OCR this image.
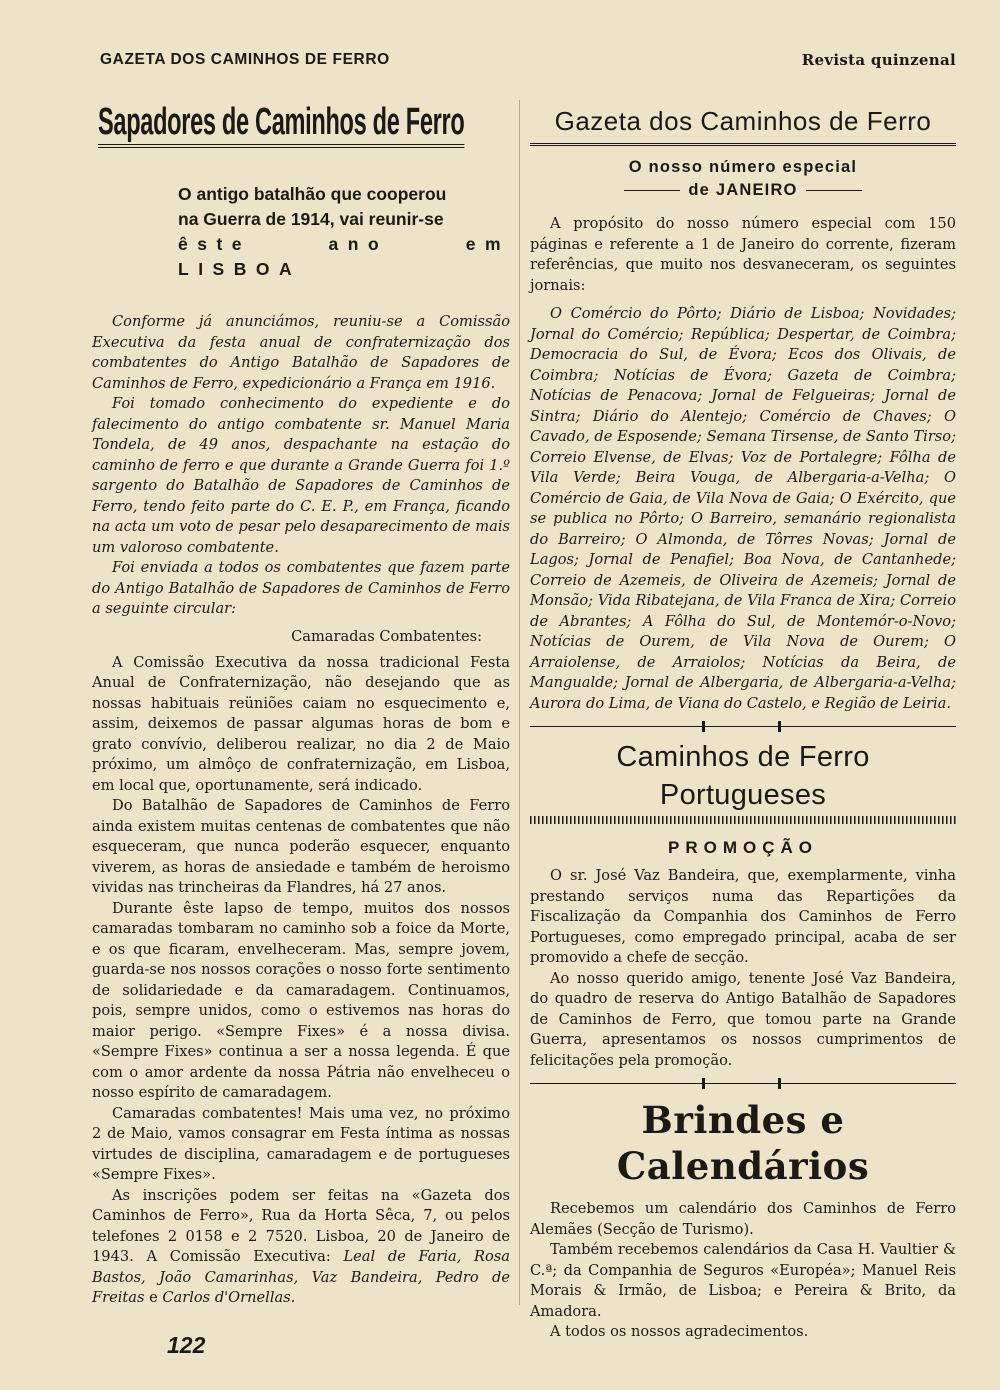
GAZETA DOS CAMINHOS DE FERRO	Revista quinzenal
Sapadores de Caminhos de Ferro
O antigo batalhão que cooperou
na Guerra de 1914, vai reunir-se
êste ano em LISBOA

Conforme já anunciámos, reuniu-se a Comissão Executiva da festa anual de confraternização dos combatentes do Antigo Batalhão de Sapadores de Caminhos de Ferro, expedicionário a França em 1916.

Foi tomado conhecimento do expediente e do falecimento do antigo combatente sr. Manuel Maria Tondela, de 49 anos, despachante na estação do caminho de ferro e que durante a Grande Guerra foi 1.º sargento do Batalhão de Sapadores de Caminhos de Ferro, tendo feito parte do C. E. P., em França, ficando na acta um voto de pesar pelo desaparecimento de mais um valoroso combatente.

Foi enviada a todos os combatentes que fazem parte do Antigo Batalhão de Sapadores de Caminhos de Ferro a seguinte circular:

Camaradas Combatentes:

A Comissão Executiva da nossa tradicional Festa Anual de Confraternização, não desejando que as nossas habituais reüniões caiam no esquecimento e, assim, deixemos de passar algumas horas de bom e grato convívio, deliberou realizar, no dia 2 de Maio próximo, um almôço de confraternização, em Lisboa, em local que, oportunamente, será indicado.

Do Batalhão de Sapadores de Caminhos de Ferro ainda existem muitas centenas de combatentes que não esqueceram, que nunca poderão esquecer, enquanto viverem, as horas de ansiedade e também de heroismo vividas nas trincheiras da Flandres, há 27 anos.

Durante êste lapso de tempo, muitos dos nossos camaradas tombaram no caminho sob a foice da Morte, e os que ficaram, envelheceram. Mas, sempre jovem, guarda-se nos nossos corações o nosso forte sentimento de solidariedade e da camaradagem. Continuamos, pois, sempre unidos, como o estivemos nas horas do maior perigo. «Sempre Fixes» é a nossa divisa. «Sempre Fixes» continua a ser a nossa legenda. É que com o amor ardente da nossa Pátria não envelheceu o nosso espírito de camaradagem.

Camaradas combatentes! Mais uma vez, no próximo 2 de Maio, vamos consagrar em Festa íntima as nossas virtudes de disciplina, camaradagem e de portugueses «Sempre Fixes».

As inscrições podem ser feitas na «Gazeta dos Caminhos de Ferro», Rua da Horta Sêca, 7, ou pelos telefones 2 0158 e 2 7520. Lisboa, 20 de Janeiro de 1943. A Comissão Executiva: Leal de Faria, Rosa Bastos, João Camarinhas, Vaz Bandeira, Pedro de Freitas e Carlos d'Ornellas.

Gazeta dos Caminhos de Ferro
O nosso número especial
de JANEIRO

A propósito do nosso número especial com 150 páginas e referente a 1 de Janeiro do corrente, fizeram referências, que muito nos desvaneceram, os seguintes jornais:

O Comércio do Pôrto; Diário de Lisboa; Novidades; Jornal do Comércio; República; Despertar, de Coimbra; Democracia do Sul, de Évora; Ecos dos Olivais, de Coimbra; Notícias de Évora; Gazeta de Coimbra; Notícias de Penacova; Jornal de Felgueiras; Jornal de Sintra; Diário do Alentejo; Comércio de Chaves; O Cavado, de Esposende; Semana Tirsense, de Santo Tirso; Correio Elvense, de Elvas; Voz de Portalegre; Fôlha de Vila Verde; Beira Vouga, de Albergaria-a-Velha; O Comércio de Gaia, de Vila Nova de Gaia; O Exército, que se publica no Pôrto; O Barreiro, semanário regionalista do Barreiro; O Almonda, de Tôrres Novas; Jornal de Lagos; Jornal de Penafiel; Boa Nova, de Cantanhede; Correio de Azemeis, de Oliveira de Azemeis; Jornal de Monsão; Vida Ribatejana, de Vila Franca de Xira; Correio de Abrantes; A Fôlha do Sul, de Montemór-o-Novo; Notícias de Ourem, de Vila Nova de Ourem; O Arraiolense, de Arraiolos; Notícias da Beira, de Mangualde; Jornal de Albergaria, de Albergaria-a-Velha; Aurora do Lima, de Viana do Castelo, e Região de Leiria.

Caminhos de Ferro Portugueses
PROMOÇÃO

O sr. José Vaz Bandeira, que, exemplarmente, vinha prestando serviços numa das Repartições da Fiscalização da Companhia dos Caminhos de Ferro Portugueses, como empregado principal, acaba de ser promovido a chefe de secção.

Ao nosso querido amigo, tenente José Vaz Bandeira, do quadro de reserva do Antigo Batalhão de Sapadores de Caminhos de Ferro, que tomou parte na Grande Guerra, apresentamos os nossos cumprimentos de felicitações pela promoção.

Brindes e Calendários

Recebemos um calendário dos Caminhos de Ferro Alemães (Secção de Turismo).

Também recebemos calendários da Casa H. Vaultier & C.ª; da Companhia de Seguros «Européa»; Manuel Reis Morais & Irmão, de Lisboa; e Pereira & Brito, da Amadora.

A todos os nossos agradecimentos.

122
